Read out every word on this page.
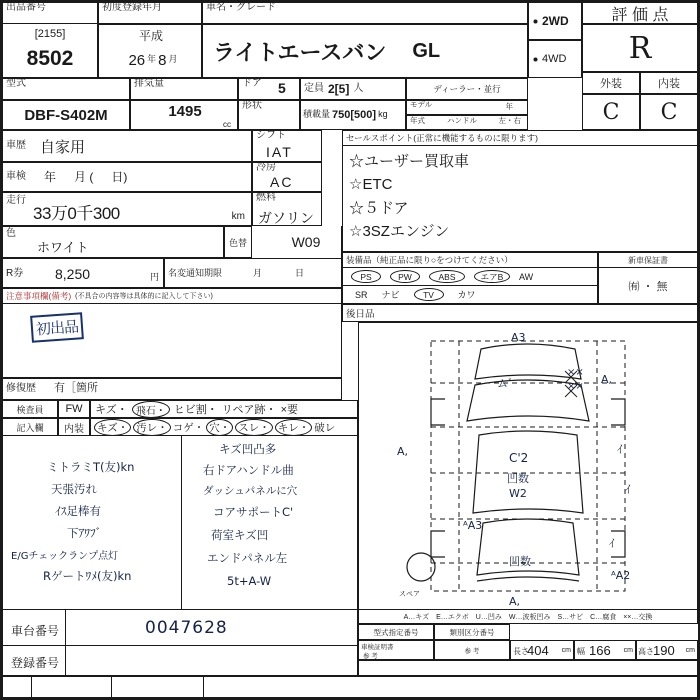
出品番号
[2155]
8502
初度登録年月
平成
26 年 8 月
車名・グレード
ライトエースバン GL
2WD
4WD
評 価 点
R
外装	内装
C	C
型式
DBF-S402M
排気量
1495
cc
ドア	5 定員 2[5] 人	ディーラー・並行
形状
積載量 750[500] kg
モデル	年
年式	ハンドル	左・右
車歴 自家用
車検 年 月 ( 日)
走行
33万0千300	km
色
ホワイト	色替
シフト
冷房
燃料
IAT
AC
ガソリン
W09
セールスポイント(正常に機能するものに限ります)
☆ユーザー買取車
☆ETC
☆５ドア
☆3SZエンジン
装備品（純正品に限り○をつけてください）	新車保証書
PS	PW	ABS	エアB	AW
SR ナビ	TV	カワ
㈲ ・ 無
後日品
R券 8,250	円 名変通知期限	月	日
注意事項欄(備考) (不具合の内容等は具体的に記入して下さい)
初出品
修復歴 有［箇所
検査員
記入欄
FW	キズ・ 飛石・ ヒビ割・ リペア跡・ ×要
内装	キズ・ 汚レ・ コゲ・ 穴・ スレ・ キレ・ 破レ
ミトラミT(友)kn
天張汚れ
ｲｽ足棒有
下ｱﾜﾌﾞ
E/Gチェックランプ点灯
Rゲートﾜﾒ(友)kn
キズ凹凸多
右ドアハンドル曲
ダッシュパネルに穴
コアサポートC'
荷室キズ凹
エンドパネル左
5t+A-W
A3
ムﾞ
××
××
A,
A,	C'2
凹数
W2
ｲ
ｲ
ᴬA3
凹数
ｲ
ᴬA2
スペア
A,
A…キズ　E…エクボ　U…凹み　W…波板凹み　S…サビ　C…腐食　××…交換
車台番号	0047628
登録番号
型式指定番号	類別区分番号
車検証明書
参 考
参 考	長さ
404 cm 幅 166 cm 高さ 190 cm
